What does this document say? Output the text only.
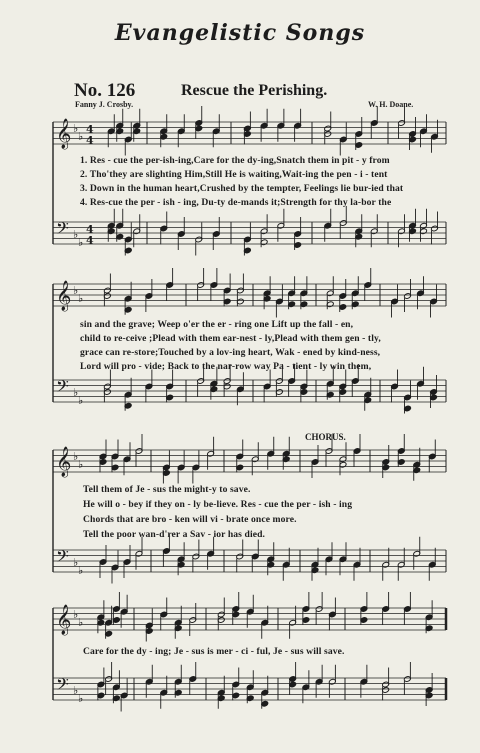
Evangelistic Songs
No. 126	Rescue the Perishing.
Fanny J. Crosby.	W. H. Doane.
𝄞 ♭
♭
4
4
𝄢 ♭
♭
4
4
𝄞 ♭
♭
𝄢 ♭
♭
𝄞 ♭
♭
𝄢 ♭
♭
𝄞 ♭
♭
𝄢 ♭
♭
1. Res - cue the per-ish-ing,Care for the dy-ing,Snatch them in pit - y from
2. Tho'they are slighting Him,Still He is waiting,Wait-ing the pen - i - tent
3. Down in the human heart,Crushed by the tempter, Feelings lie bur-ied that
4. Res-cue the per - ish - ing, Du-ty de-mands it;Strength for thy la-bor the
sin and the grave; Weep o'er the er - ring one Lift up the fall - en,
child to re-ceive ;Plead with them ear-nest - ly,Plead with them gen - tly,
grace can re-store;Touched by a lov-ing heart, Wak - ened by kind-ness,
Lord will pro - vide; Back to the nar-row way Pa - tient - ly win them,
CHORUS.
Tell them of Je - sus the might-y to save.
He will o - bey if they on - ly be-lieve. Res - cue the per - ish - ing
Chords that are bro - ken will vi - brate once more.
Tell the poor wan-d'rer a Sav - ior has died.
Care for the dy - ing; Je - sus is mer - ci - ful, Je - sus will save.
